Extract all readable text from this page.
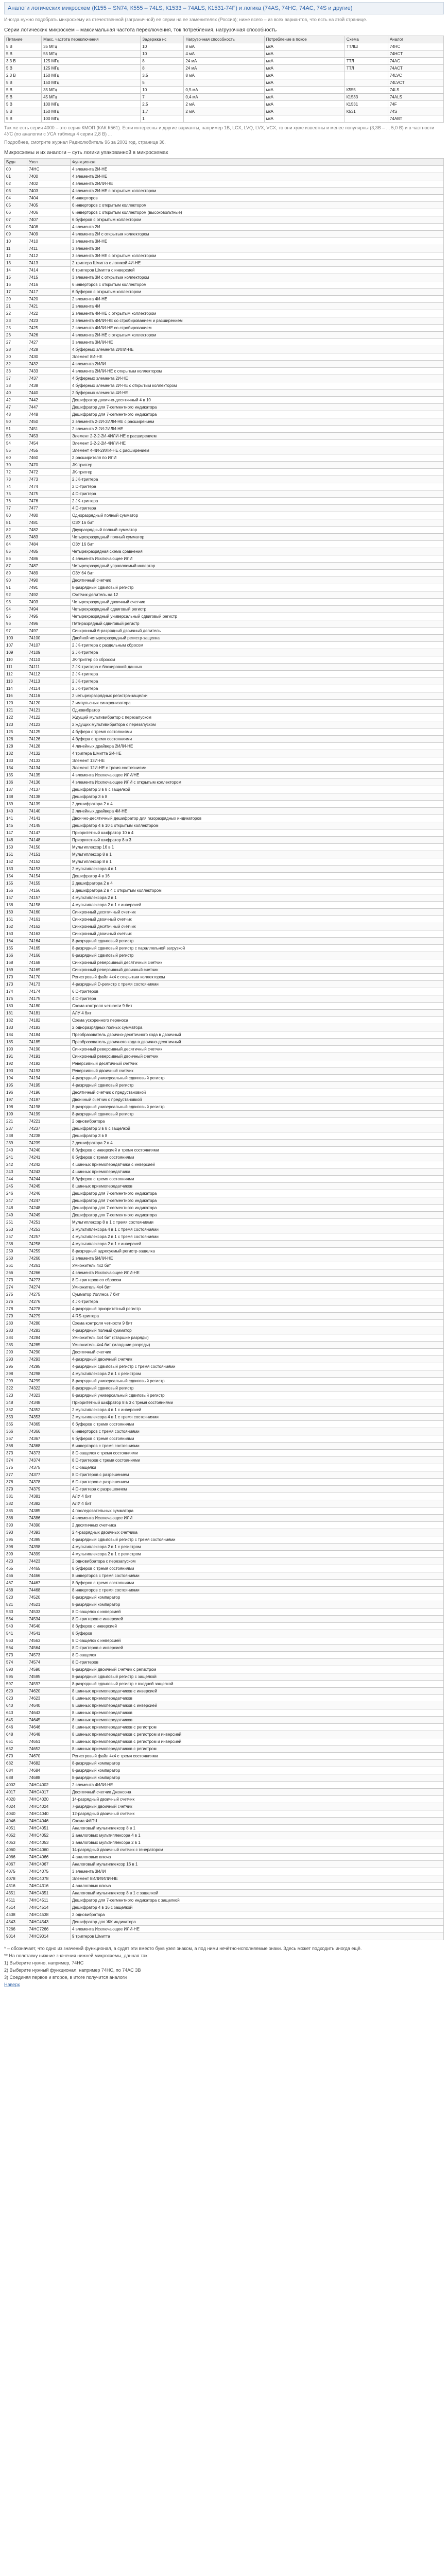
Аналоги логических микросхем (К155 – SN74, К555 – 74LS, К1533 – 74ALS, К1531-74F) и логика (74AS, 74HC, 74AC, 74S и другие)
Иногда нужно подобрать микросхему из отечественной (заграничной) ее серии на ее заменителях (Россия); ниже всего – из всех вариантов, что есть на этой странице.
Серии логических микросхем – максимальная частота переключения, ток потребления, нагрузочная способность
Питание	Макс. частота переключения	Задержка нс	Нагрузочная способность	Потребление в покое	Схема	Аналог
5 В	35 МГц	10	8 мА	мкА	ТТЛШ	74HC
5 В	55 МГц	10	4 мА	мкА		74HCT
3,3 В	125 МГц	8	24 мА	мкА	ТТЛ	74AC
5 В	125 МГц	8	24 мА	мкА	ТТЛ	74ACT
2,3 В	150 МГц	3,5	8 мА	мкА		74LVC
5 В	150 МГц	5		мкА		74LVCT
5 В	35 МГц	10	0,5 мА	мкА	К555	74LS
5 В	45 МГц	7	0,4 мА	мкА	К1533	74ALS
5 В	100 МГц	2,5	2 мА	мкА	К1531	74F
5 В	150 МГц	1,7	2 мА	мкА	К531	74S
5 В	100 МГц	1		мкА		74ABT
Так же есть серия 4000 – это серия КМОП (КАК К561). Если интересны и другие варианты, например 1B, LCX, LVQ, LVX, VCX, то они хуже известны и менее популярны (3,3В – ... 5,0 B) и в частности 4УС (по аналогии с УСА таблица 4 серии 2,8 В) ...
Подробнее, смотрите журнал Радиолюбитель 96 за 2001 год, страница 36.
Микросхемы и их аналоги – суть логики упакованной в микросхемах
Будн	Узел	Функционал
00	74HC	4 элемента 2И-НЕ
01	7400	4 элемента 2И-НЕ
02	7402	4 элемента 2ИЛИ-НЕ
03	7403	4 элемента 2И-НЕ с открытым коллектором
04	7404	6 инверторов
05	7405	6 инверторов с открытым коллектором
06	7406	6 инверторов с открытым коллектором (высоковольтные)
07	7407	6 буферов с открытым коллектором
08	7408	4 элемента 2И
09	7409	4 элемента 2И с открытым коллектором
10	7410	3 элемента 3И-НЕ
11	7411	3 элемента 3И
12	7412	3 элемента 3И-НЕ с открытым коллектором
13	7413	2 триггера Шмитта с логикой 4И-НЕ
14	7414	6 триггеров Шмитта с инверсией
15	7415	3 элемента 3И с открытым коллектором
16	7416	6 инверторов с открытым коллектором
17	7417	6 буферов с открытым коллектором
20	7420	2 элемента 4И-НЕ
21	7421	2 элемента 4И
22	7422	2 элемента 4И-НЕ с открытым коллектором
23	7423	2 элемента 4ИЛИ-НЕ со стробированием и расширением
25	7425	2 элемента 4ИЛИ-НЕ со стробированием
26	7426	4 элемента 2И-НЕ с открытым коллектором
27	7427	3 элемента 3ИЛИ-НЕ
28	7428	4 буферных элемента 2ИЛИ-НЕ
30	7430	Элемент 8И-НЕ
32	7432	4 элемента 2ИЛИ
33	7433	4 элемента 2ИЛИ-НЕ с открытым коллектором
37	7437	4 буферных элемента 2И-НЕ
38	7438	4 буферных элемента 2И-НЕ с открытым коллектором
40	7440	2 буферных элемента 4И-НЕ
42	7442	Дешифратор двоично-десятичный 4 в 10
47	7447	Дешифратор для 7-сегментного индикатора
48	7448	Дешифратор для 7-сегментного индикатора
50	7450	2 элемента 2-2И-2ИЛИ-НЕ с расширением
51	7451	2 элемента 2-2И-2ИЛИ-НЕ
53	7453	Элемент 2-2-2-2И-4ИЛИ-НЕ с расширением
54	7454	Элемент 2-2-2-2И-4ИЛИ-НЕ
55	7455	Элемент 4-4И-2ИЛИ-НЕ с расширением
60	7460	2 расширителя по ИЛИ
70	7470	JK-триггер
72	7472	JK-триггер
73	7473	2 JK-триггера
74	7474	2 D-триггера
75	7475	4 D-триггера
76	7476	2 JK-триггера
77	7477	4 D-триггера
80	7480	Одноразрядный полный сумматор
81	7481	ОЗУ 16 бит
82	7482	Двухразрядный полный сумматор
83	7483	Четырехразрядный полный сумматор
84	7484	ОЗУ 16 бит
85	7485	Четырехразрядная схема сравнения
86	7486	4 элемента Исключающее ИЛИ
87	7487	Четырехразрядный управляемый инвертор
89	7489	ОЗУ 64 бит
90	7490	Десятичный счетчик
91	7491	8-разрядный сдвиговый регистр
92	7492	Счетчик-делитель на 12
93	7493	Четырехразрядный двоичный счетчик
94	7494	Четырехразрядный сдвиговый регистр
95	7495	Четырехразрядный универсальный сдвиговый регистр
96	7496	Пятиразрядный сдвиговый регистр
97	7497	Синхронный 6-разрядный двоичный делитель
100	74100	Двойной четырехразрядный регистр-защелка
107	74107	2 JK-триггера с раздельным сбросом
109	74109	2 JK-триггера
110	74110	JK-триггер со сбросом
111	74111	2 JK-триггера с блокировкой данных
112	74112	2 JK-триггера
113	74113	2 JK-триггера
114	74114	2 JK-триггера
116	74116	2 четырехразрядных регистра-защелки
120	74120	2 импульсных синхронизатора
121	74121	Одновибратор
122	74122	Ждущий мультивибратор с перезапуском
123	74123	2 ждущих мультивибратора с перезапуском
125	74125	4 буфера с тремя состояниями
126	74126	4 буфера с тремя состояниями
128	74128	4 линейных драйвера 2ИЛИ-НЕ
132	74132	4 триггера Шмитта 2И-НЕ
133	74133	Элемент 13И-НЕ
134	74134	Элемент 12И-НЕ с тремя состояниями
135	74135	4 элемента Исключающее ИЛИ/НЕ
136	74136	4 элемента Исключающее ИЛИ с открытым коллектором
137	74137	Дешифратор 3 в 8 с защелкой
138	74138	Дешифратор 3 в 8
139	74139	2 дешифратора 2 в 4
140	74140	2 линейных драйвера 4И-НЕ
141	74141	Двоично-десятичный дешифратор для газоразрядных индикаторов
145	74145	Дешифратор 4 в 10 с открытым коллектором
147	74147	Приоритетный шифратор 10 в 4
148	74148	Приоритетный шифратор 8 в 3
150	74150	Мультиплексор 16 в 1
151	74151	Мультиплексор 8 в 1
152	74152	Мультиплексор 8 в 1
153	74153	2 мультиплексора 4 в 1
154	74154	Дешифратор 4 в 16
155	74155	2 дешифратора 2 в 4
156	74156	2 дешифратора 2 в 4 с открытым коллектором
157	74157	4 мультиплексора 2 в 1
158	74158	4 мультиплексора 2 в 1 с инверсией
160	74160	Синхронный десятичный счетчик
161	74161	Синхронный двоичный счетчик
162	74162	Синхронный десятичный счетчик
163	74163	Синхронный двоичный счетчик
164	74164	8-разрядный сдвиговый регистр
165	74165	8-разрядный сдвиговый регистр с параллельной загрузкой
166	74166	8-разрядный сдвиговый регистр
168	74168	Синхронный реверсивный десятичный счетчик
169	74169	Синхронный реверсивный двоичный счетчик
170	74170	Регистровый файл 4х4 с открытым коллектором
173	74173	4-разрядный D-регистр с тремя состояниями
174	74174	6 D-триггеров
175	74175	4 D-триггера
180	74180	Схема контроля четности 9 бит
181	74181	АЛУ 4 бит
182	74182	Схема ускоренного переноса
183	74183	2 одноразрядных полных сумматора
184	74184	Преобразователь двоично-десятичного кода в двоичный
185	74185	Преобразователь двоичного кода в двоично-десятичный
190	74190	Синхронный реверсивный десятичный счетчик
191	74191	Синхронный реверсивный двоичный счетчик
192	74192	Реверсивный десятичный счетчик
193	74193	Реверсивный двоичный счетчик
194	74194	4-разрядный универсальный сдвиговый регистр
195	74195	4-разрядный сдвиговый регистр
196	74196	Десятичный счетчик с предустановкой
197	74197	Двоичный счетчик с предустановкой
198	74198	8-разрядный универсальный сдвиговый регистр
199	74199	8-разрядный сдвиговый регистр
221	74221	2 одновибратора
237	74237	Дешифратор 3 в 8 с защелкой
238	74238	Дешифратор 3 в 8
239	74239	2 дешифратора 2 в 4
240	74240	8 буферов с инверсией и тремя состояниями
241	74241	8 буферов с тремя состояниями
242	74242	4 шинных приемопередатчика с инверсией
243	74243	4 шинных приемопередатчика
244	74244	8 буферов с тремя состояниями
245	74245	8 шинных приемопередатчиков
246	74246	Дешифратор для 7-сегментного индикатора
247	74247	Дешифратор для 7-сегментного индикатора
248	74248	Дешифратор для 7-сегментного индикатора
249	74249	Дешифратор для 7-сегментного индикатора
251	74251	Мультиплексор 8 в 1 с тремя состояниями
253	74253	2 мультиплексора 4 в 1 с тремя состояниями
257	74257	4 мультиплексора 2 в 1 с тремя состояниями
258	74258	4 мультиплексора 2 в 1 с инверсией
259	74259	8-разрядный адресуемый регистр-защелка
260	74260	2 элемента 5ИЛИ-НЕ
261	74261	Умножитель 4х2 бит
266	74266	4 элемента Исключающее ИЛИ-НЕ
273	74273	8 D-триггеров со сбросом
274	74274	Умножитель 4х4 бит
275	74275	Сумматор Уоллеса 7 бит
276	74276	4 JK-триггера
278	74278	4-разрядный приоритетный регистр
279	74279	4 RS-триггера
280	74280	Схема контроля четности 9 бит
283	74283	4-разрядный полный сумматор
284	74284	Умножитель 4х4 бит (старшие разряды)
285	74285	Умножитель 4х4 бит (младшие разряды)
290	74290	Десятичный счетчик
293	74293	4-разрядный двоичный счетчик
295	74295	4-разрядный сдвиговый регистр с тремя состояниями
298	74298	4 мультиплексора 2 в 1 с регистром
299	74299	8-разрядный универсальный сдвиговый регистр
322	74322	8-разрядный сдвиговый регистр
323	74323	8-разрядный универсальный сдвиговый регистр
348	74348	Приоритетный шифратор 8 в 3 с тремя состояниями
352	74352	2 мультиплексора 4 в 1 с инверсией
353	74353	2 мультиплексора 4 в 1 с тремя состояниями
365	74365	6 буферов с тремя состояниями
366	74366	6 инверторов с тремя состояниями
367	74367	6 буферов с тремя состояниями
368	74368	6 инверторов с тремя состояниями
373	74373	8 D-защелок с тремя состояниями
374	74374	8 D-триггеров с тремя состояниями
375	74375	4 D-защелки
377	74377	8 D-триггеров с разрешением
378	74378	6 D-триггеров с разрешением
379	74379	4 D-триггера с разрешением
381	74381	АЛУ 4 бит
382	74382	АЛУ 4 бит
385	74385	4 последовательных сумматора
386	74386	4 элемента Исключающее ИЛИ
390	74390	2 десятичных счетчика
393	74393	2 4-разрядных двоичных счетчика
395	74395	4-разрядный сдвиговый регистр с тремя состояниями
398	74398	4 мультиплексора 2 в 1 с регистром
399	74399	4 мультиплексора 2 в 1 с регистром
423	74423	2 одновибратора с перезапуском
465	74465	8 буферов с тремя состояниями
466	74466	8 инверторов с тремя состояниями
467	74467	8 буферов с тремя состояниями
468	74468	8 инверторов с тремя состояниями
520	74520	8-разрядный компаратор
521	74521	8-разрядный компаратор
533	74533	8 D-защелок с инверсией
534	74534	8 D-триггеров с инверсией
540	74540	8 буферов с инверсией
541	74541	8 буферов
563	74563	8 D-защелок с инверсией
564	74564	8 D-триггеров с инверсией
573	74573	8 D-защелок
574	74574	8 D-триггеров
590	74590	8-разрядный двоичный счетчик с регистром
595	74595	8-разрядный сдвиговый регистр с защелкой
597	74597	8-разрядный сдвиговый регистр с входной защелкой
620	74620	8 шинных приемопередатчиков с инверсией
623	74623	8 шинных приемопередатчиков
640	74640	8 шинных приемопередатчиков с инверсией
643	74643	8 шинных приемопередатчиков
645	74645	8 шинных приемопередатчиков
646	74646	8 шинных приемопередатчиков с регистром
648	74648	8 шинных приемопередатчиков с регистром и инверсией
651	74651	8 шинных приемопередатчиков с регистром и инверсией
652	74652	8 шинных приемопередатчиков с регистром
670	74670	Регистровый файл 4х4 с тремя состояниями
682	74682	8-разрядный компаратор
684	74684	8-разрядный компаратор
688	74688	8-разрядный компаратор
4002	74HC4002	2 элемента 4ИЛИ-НЕ
4017	74HC4017	Десятичный счетчик Джонсона
4020	74HC4020	14-разрядный двоичный счетчик
4024	74HC4024	7-разрядный двоичный счетчик
4040	74HC4040	12-разрядный двоичный счетчик
4046	74HC4046	Схема ФАПЧ
4051	74HC4051	Аналоговый мультиплексор 8 в 1
4052	74HC4052	2 аналоговых мультиплексора 4 в 1
4053	74HC4053	3 аналоговых мультиплексора 2 в 1
4060	74HC4060	14-разрядный двоичный счетчик с генератором
4066	74HC4066	4 аналоговых ключа
4067	74HC4067	Аналоговый мультиплексор 16 в 1
4075	74HC4075	3 элемента 3ИЛИ
4078	74HC4078	Элемент 8ИЛИ/ИЛИ-НЕ
4316	74HC4316	4 аналоговых ключа
4351	74HC4351	Аналоговый мультиплексор 8 в 1 с защелкой
4511	74HC4511	Дешифратор для 7-сегментного индикатора с защелкой
4514	74HC4514	Дешифратор 4 в 16 с защелкой
4538	74HC4538	2 одновибратора
4543	74HC4543	Дешифратор для ЖК индикатора
7266	74HC7266	4 элемента Исключающее ИЛИ-НЕ
9014	74HC9014	9 триггеров Шмитта

* – обозначает, что одно из значений функционал, а судят эти вместо букв узел знаком, а под ними нечётно-исполняемые знаки. Здесь может подходить иногда ещё.

** На полставку нижние значения нижней микросхемы, данная так:

1) Выберите нужно, например, 74HC

2) Выберите нужный функционал, например 74HC, по 74АС ЗВ

3) Соединяя первое и второе, в итоге получится аналоги

Наверх
